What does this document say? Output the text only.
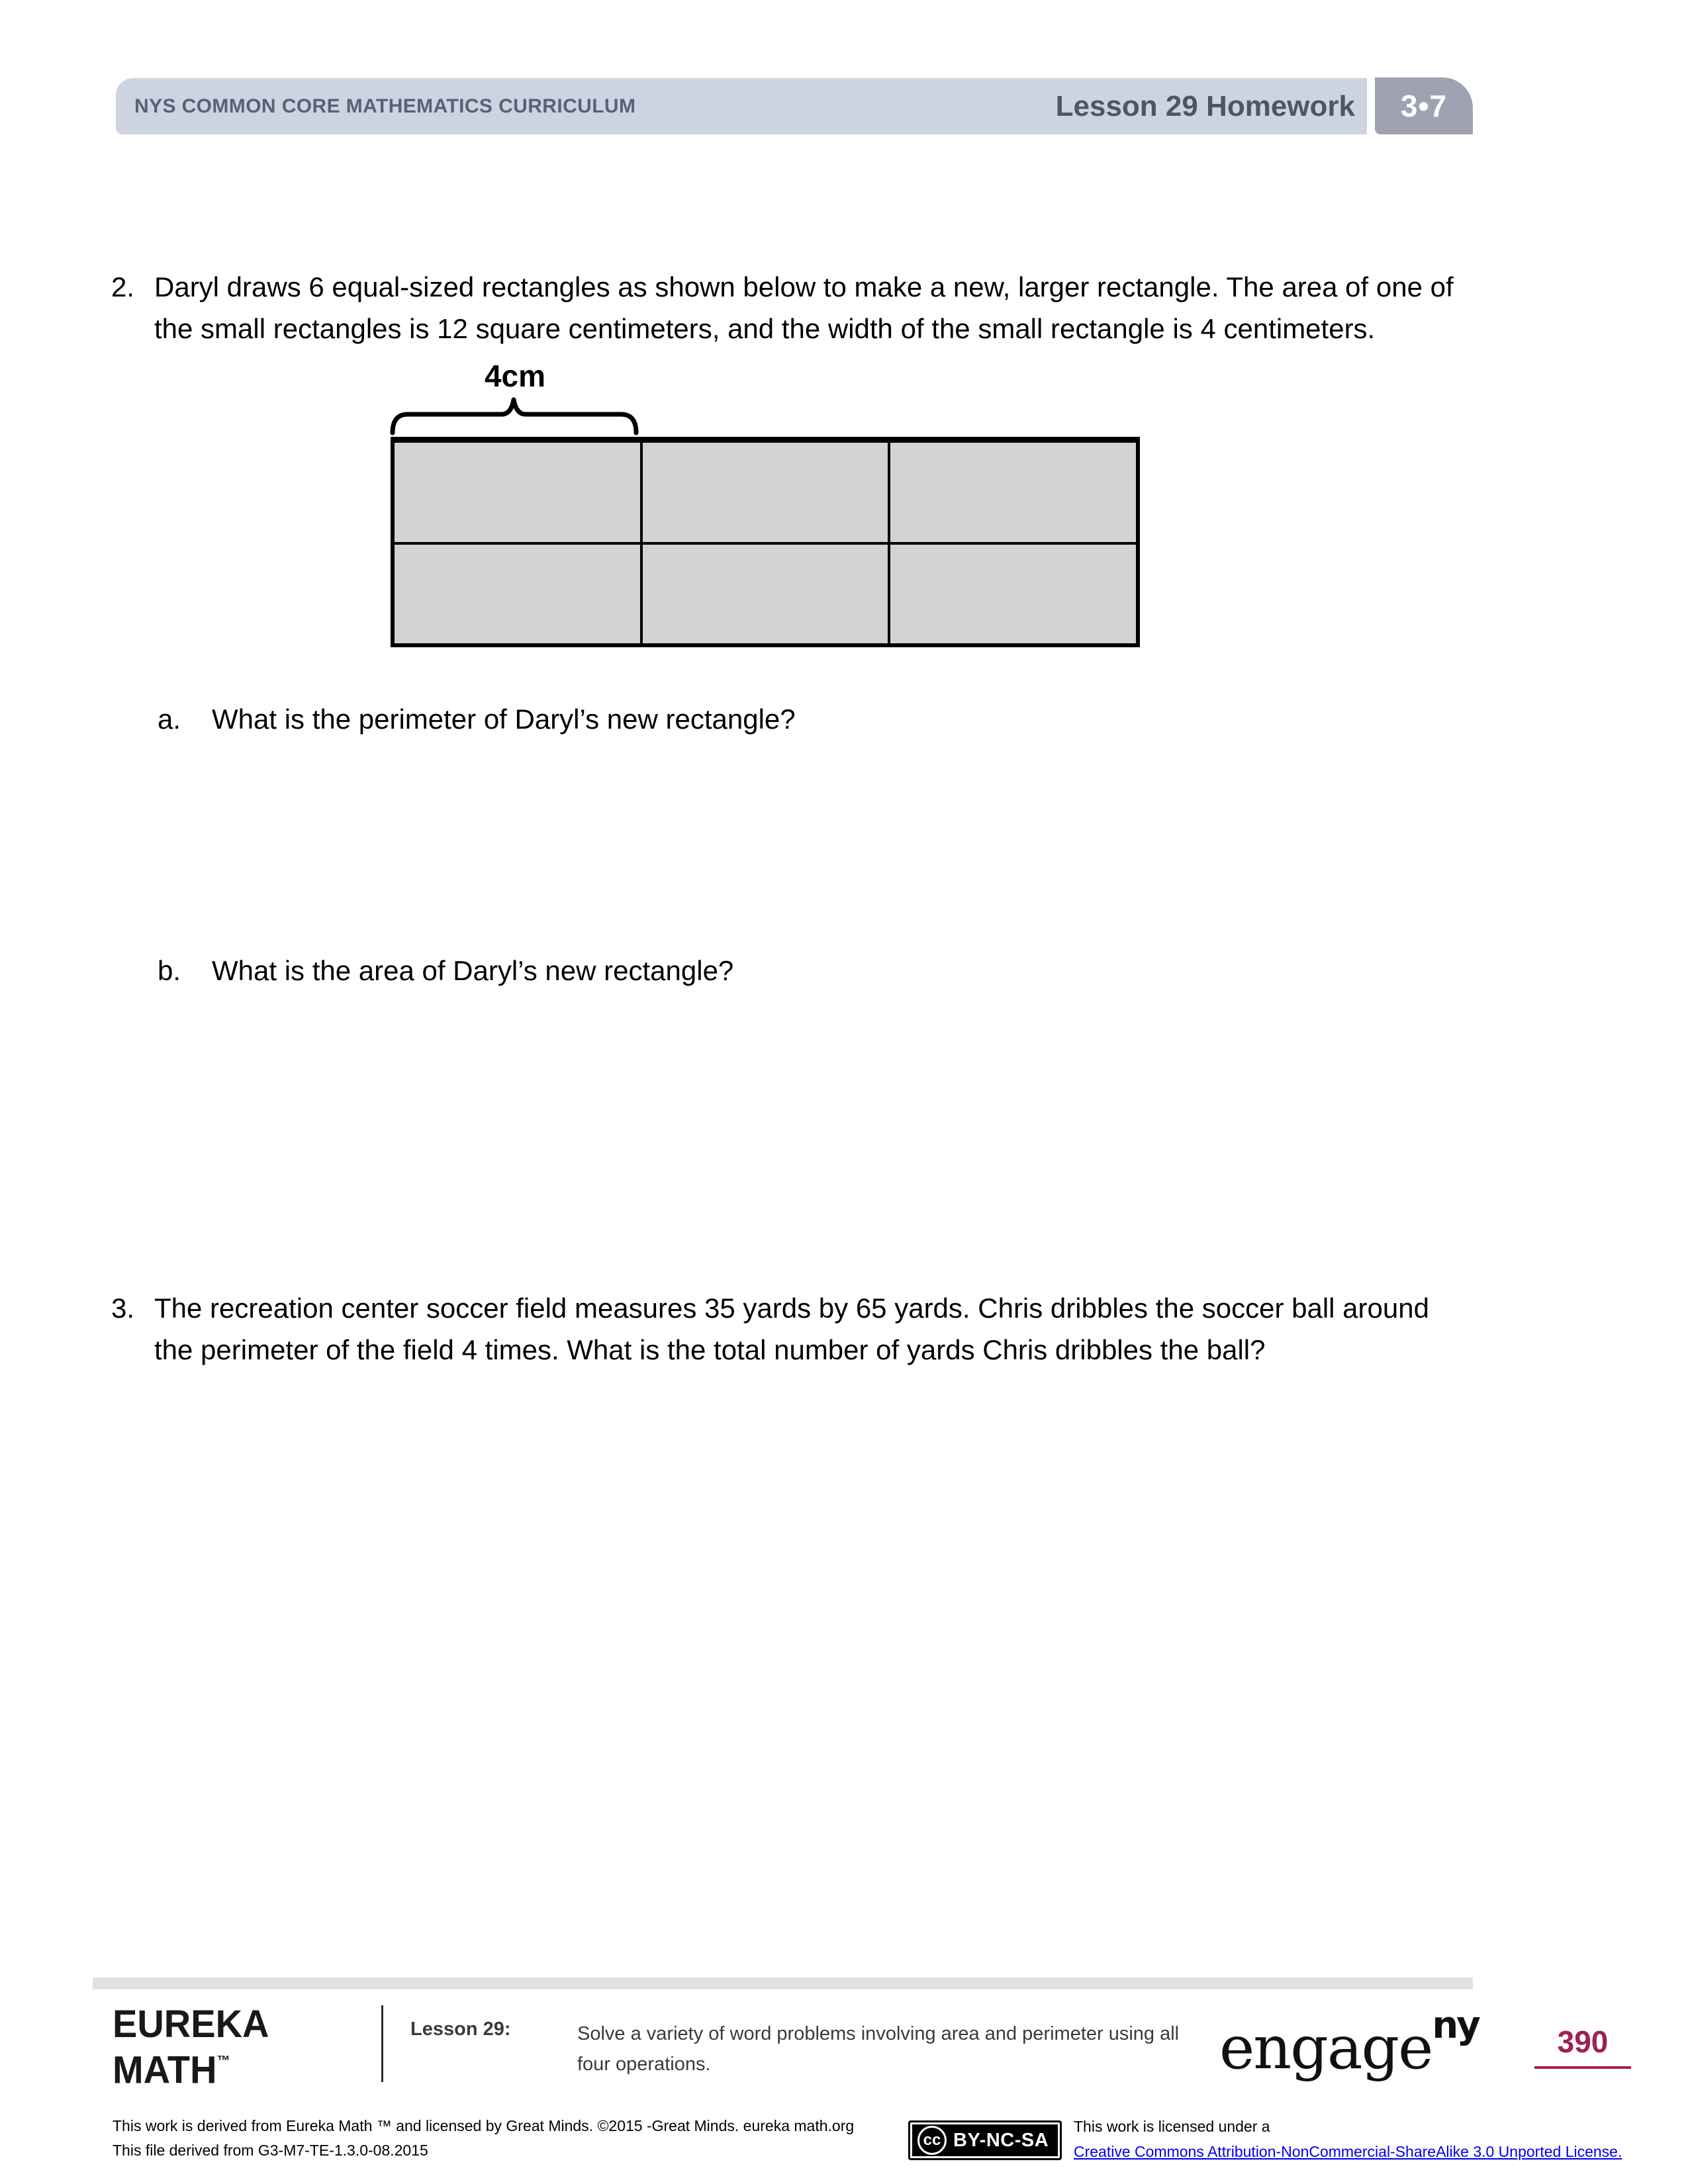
NYS COMMON CORE MATHEMATICS CURRICULUM	Lesson 29 Homework	3•7
2. Daryl draws 6 equal-sized rectangles as shown below to make a new, larger rectangle. The area of one of
the small rectangles is 12 square centimeters, and the width of the small rectangle is 4 centimeters.
4cm
a. What is the perimeter of Daryl’s new rectangle?
b. What is the area of Daryl’s new rectangle?
3. The recreation center soccer field measures 35 yards by 65 yards. Chris dribbles the soccer ball around
the perimeter of the field 4 times. What is the total number of yards Chris dribbles the ball?
EUREKA
MATH™
Lesson 29:	Solve a variety of word problems involving area and perimeter using all
four operations.	engageny	390
This work is derived from Eureka Math ™ and licensed by Great Minds. ©2015 -Great Minds. eureka math.org
This file derived from G3-M7-TE-1.3.0-08.2015
cc BY-NC-SA
This work is licensed under a
Creative Commons Attribution-NonCommercial-ShareAlike 3.0 Unported License.
